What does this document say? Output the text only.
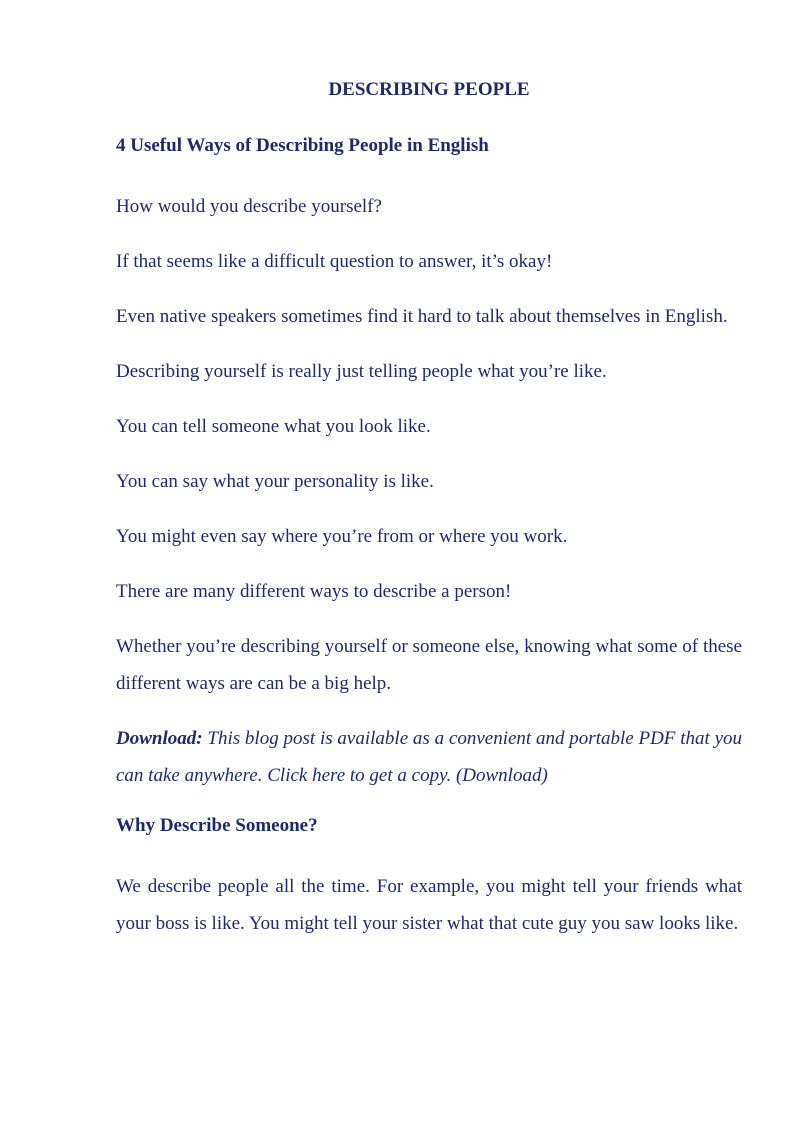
DESCRIBING PEOPLE
4 Useful Ways of Describing People in English
How would you describe yourself?
If that seems like a difficult question to answer, it’s okay!
Even native speakers sometimes find it hard to talk about themselves in English.
Describing yourself is really just telling people what you’re like.
You can tell someone what you look like.
You can say what your personality is like.
You might even say where you’re from or where you work.
There are many different ways to describe a person!
Whether you’re describing yourself or someone else, knowing what some of these different ways are can be a big help.
Download: This blog post is available as a convenient and portable PDF that you can take anywhere. Click here to get a copy. (Download)
Why Describe Someone?
We describe people all the time. For example, you might tell your friends what your boss is like. You might tell your sister what that cute guy you saw looks like.
